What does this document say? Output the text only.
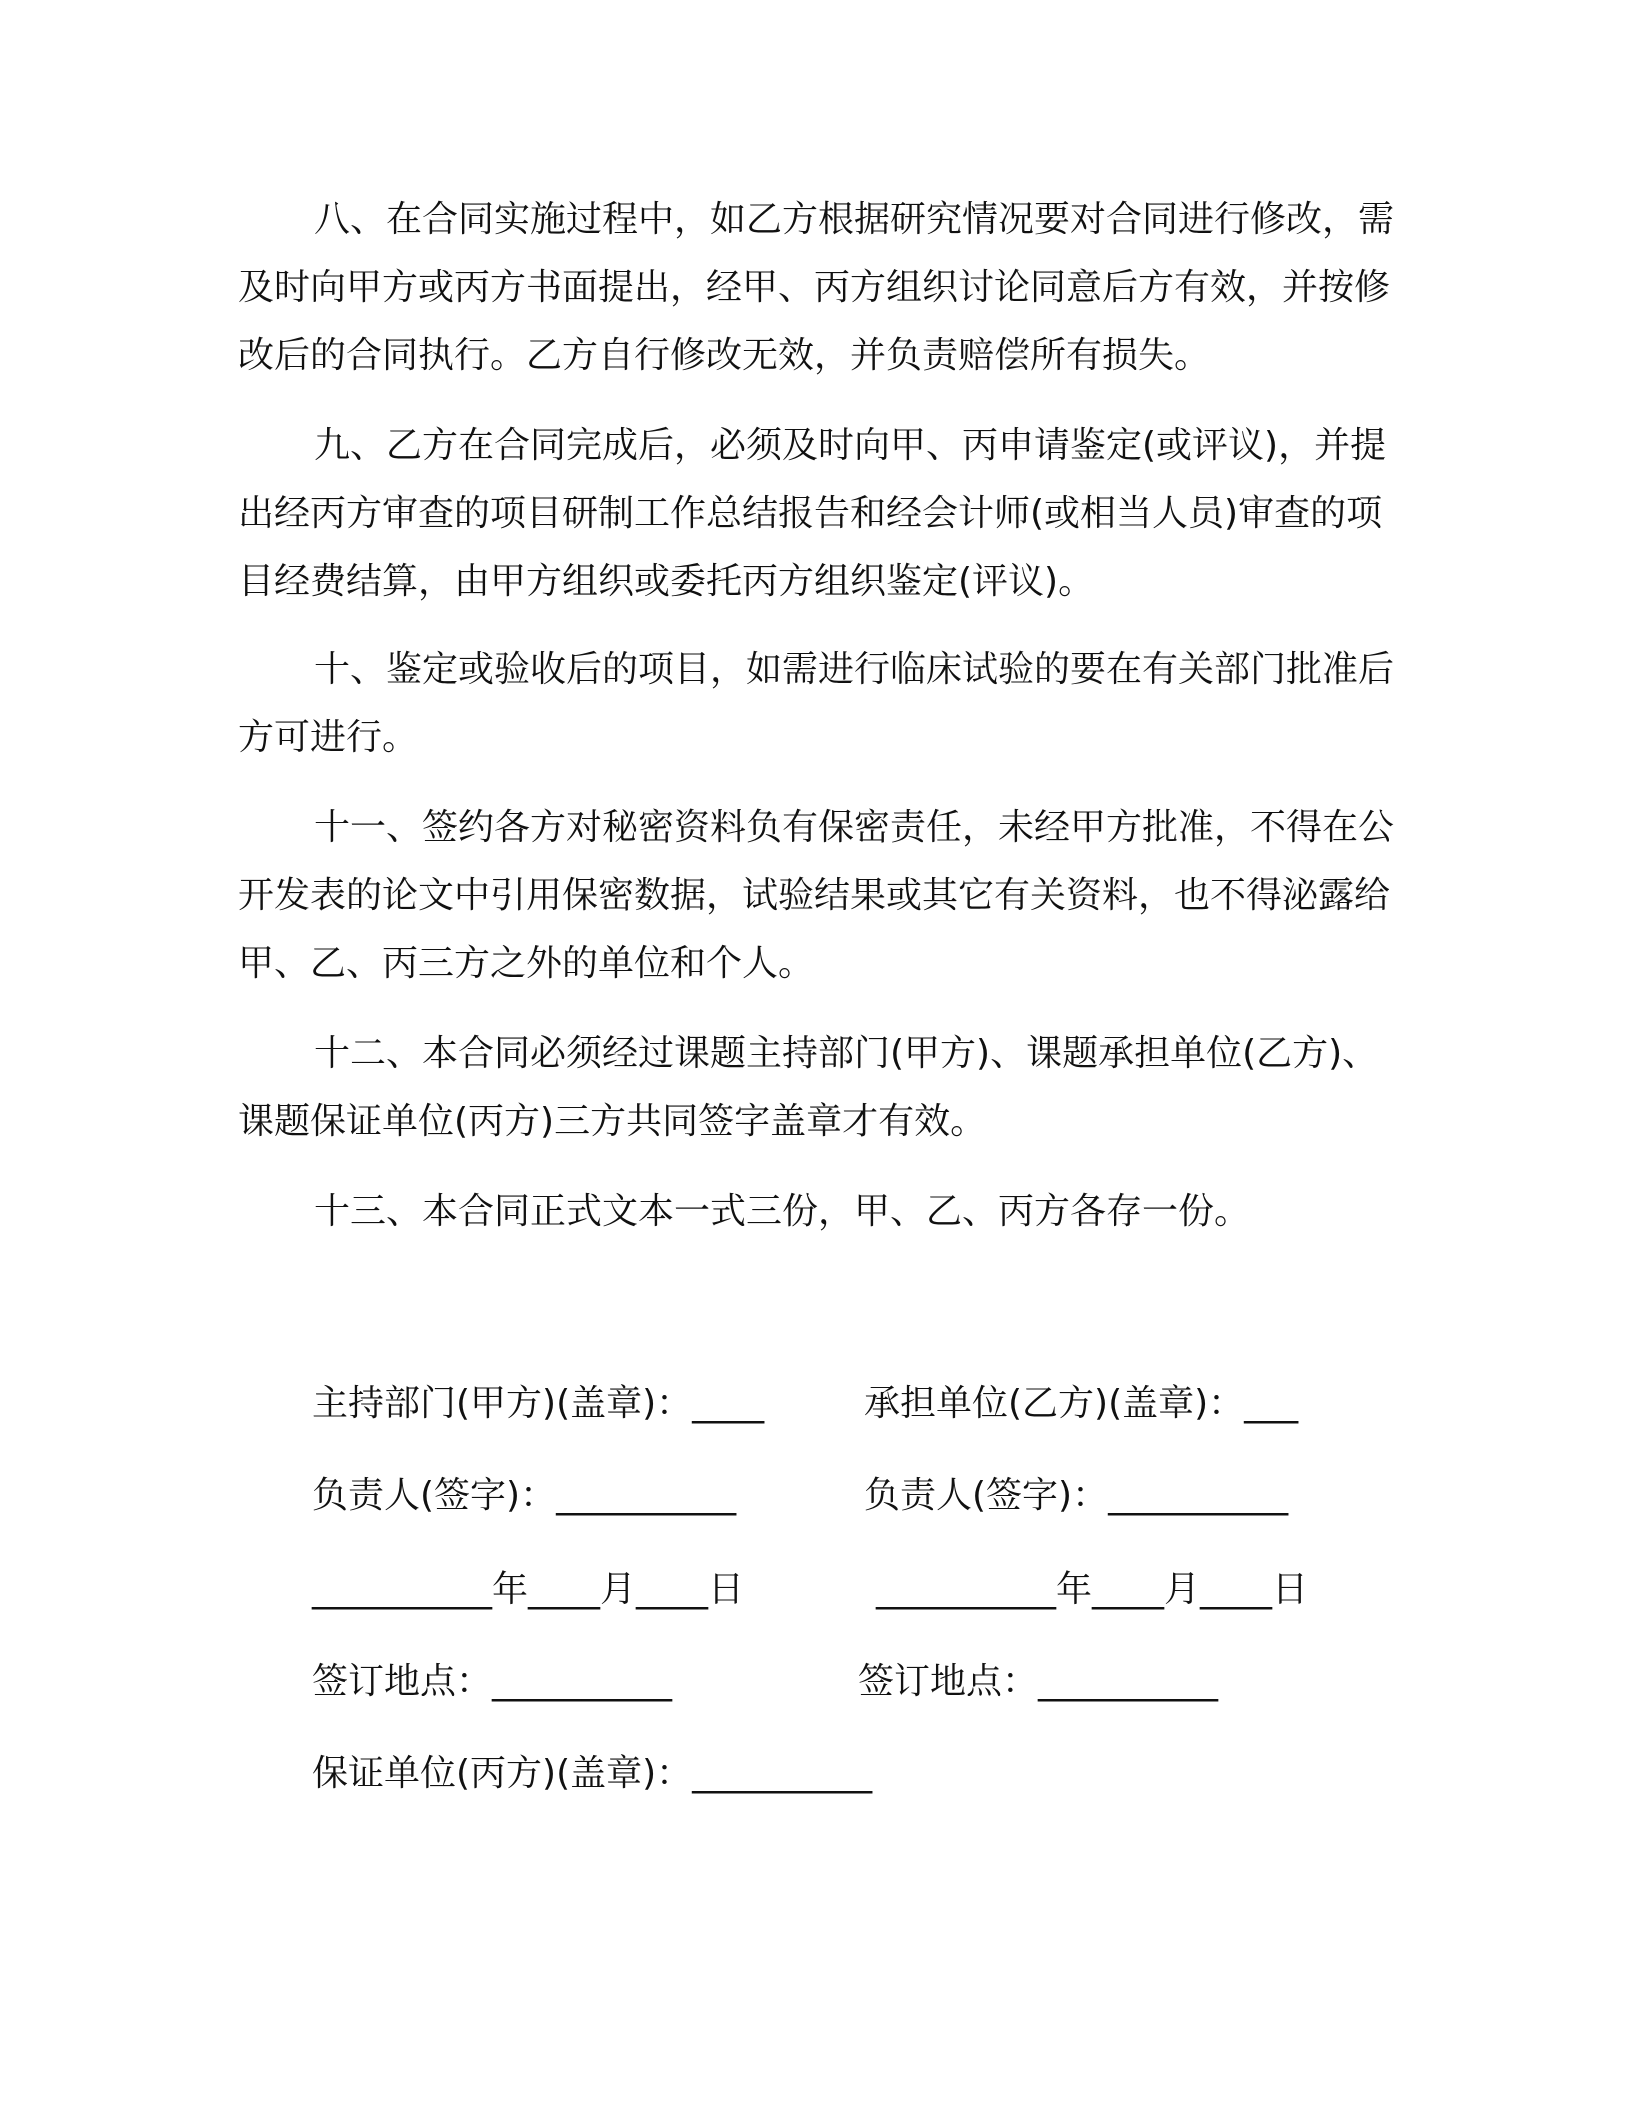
八、在合同实施过程中，如乙方根据研究情况要对合同进行修改，需及时向甲方或丙方书面提出，经甲、丙方组织讨论同意后方有效，并按修改后的合同执行。乙方自行修改无效，并负责赔偿所有损失。

九、乙方在合同完成后，必须及时向甲、丙申请鉴定(或评议)，并提出经丙方审查的项目研制工作总结报告和经会计师(或相当人员)审查的项目经费结算，由甲方组织或委托丙方组织鉴定(评议)。

十、鉴定或验收后的项目，如需进行临床试验的要在有关部门批准后方可进行。

十一、签约各方对秘密资料负有保密责任，未经甲方批准，不得在公开发表的论文中引用保密数据，试验结果或其它有关资料，也不得泌露给甲、乙、丙三方之外的单位和个人。

十二、本合同必须经过课题主持部门(甲方)、课题承担单位(乙方)、课题保证单位(丙方)三方共同签字盖章才有效。

十三、本合同正式文本一式三份，甲、乙、丙方各存一份。

主持部门(甲方)(盖章)：____	承担单位(乙方)(盖章)：___
负责人(签字)：__________	负责人(签字)：__________
__________年____月____日	__________年____月____日
签订地点：__________	签订地点：__________
保证单位(丙方)(盖章)：__________
